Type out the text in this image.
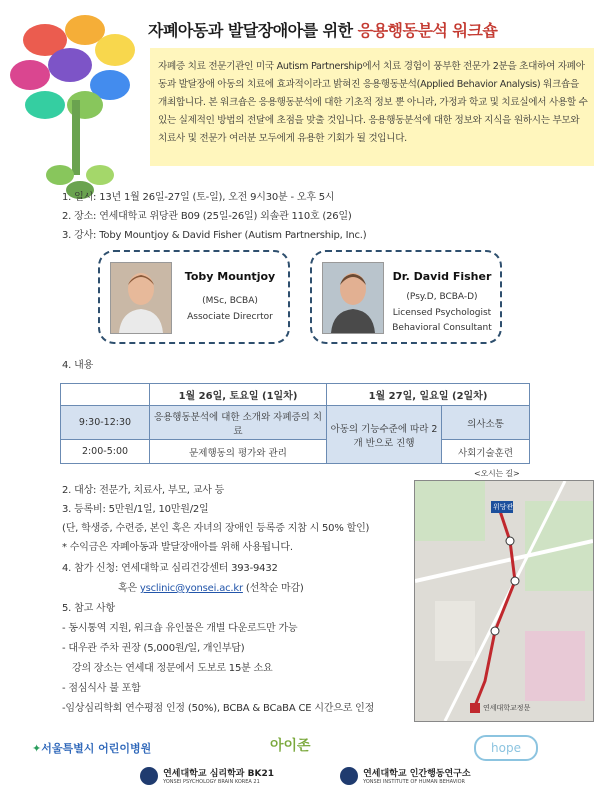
자폐아동과 발달장애아를 위한 응용행동분석 워크숍
자폐증 치료 전문기관인 미국 Autism Partnership에서 치료 경험이 풍부한 전문가 2분을 초대하여 자폐아동과 발달장애 아동의 치료에 효과적이라고 밝혀진 응용행동분석(Applied Behavior Analysis) 워크숍을 개최합니다. 본 워크숍은 응용행동분석에 대한 기초적 정보 뿐 아니라, 가정과 학교 및 치료실에서 사용할 수 있는 실제적인 방법의 전달에 초점을 맞출 것입니다. 응용행동분석에 대한 정보와 지식을 원하시는 부모와 치료사 및 전문가 여러분 모두에게 유용한 기회가 될 것입니다.
1. 일시: 13년 1월 26일-27일 (토-일), 오전 9시30분 - 오후 5시
2. 장소: 연세대학교 위당관 B09 (25일-26일) 외솔관 110호 (26일)
3. 강사: Toby Mountjoy & David Fisher (Autism Partnership, Inc.)
Toby Mountjoy
(MSc, BCBA)
Associate Direcrtor
Dr. David Fisher
(Psy.D, BCBA-D)
Licensed Psychologist
Behavioral Consultant
4. 내용
	1월 26일, 토요일 (1일차)	1월 27일, 일요일 (2일차)	
9:30-12:30	응용행동분석에 대한 소개와 자폐증의 치료	아동의 기능수준에 따라 2개 반으로 진행	의사소통
2:00-5:00	문제행동의 평가와 관리		사회기술훈련
2. 대상: 전문가, 치료사, 부모, 교사 등
3. 등록비: 5만원/1일, 10만원/2일
(단, 학생증, 수련증, 본인 혹은 자녀의 장애인 등록증 지참 시 50% 할인)
* 수익금은 자폐아동과 발달장애아를 위해 사용됩니다.
4. 참가 신청: 연세대학교 심리건강센터 393-9432
혹은 ysclinic@yonsei.ac.kr (선착순 마감)
5. 참고 사항
- 동시통역 지원, 워크숍 유인물은 개별 다운로드만 가능
- 대우관 주차 권장 (5,000원/일, 개인부담)
강의 장소는 연세대 정문에서 도보로 15분 소요
- 점심식사 불 포함
-임상심리학회 연수평점 인정 (50%), BCBA & BCaBA CE 시간으로 인정
<오시는 길>
위당관
연세대학교정문
✦서울특별시 어린이병원	아이존	hope

연세대학교 심리학과 BK21
YONSEI PSYCHOLOGY BRAIN KOREA 21

연세대학교 인간행동연구소
YONSEI INSTITUTE OF HUMAN BEHAVIOR
